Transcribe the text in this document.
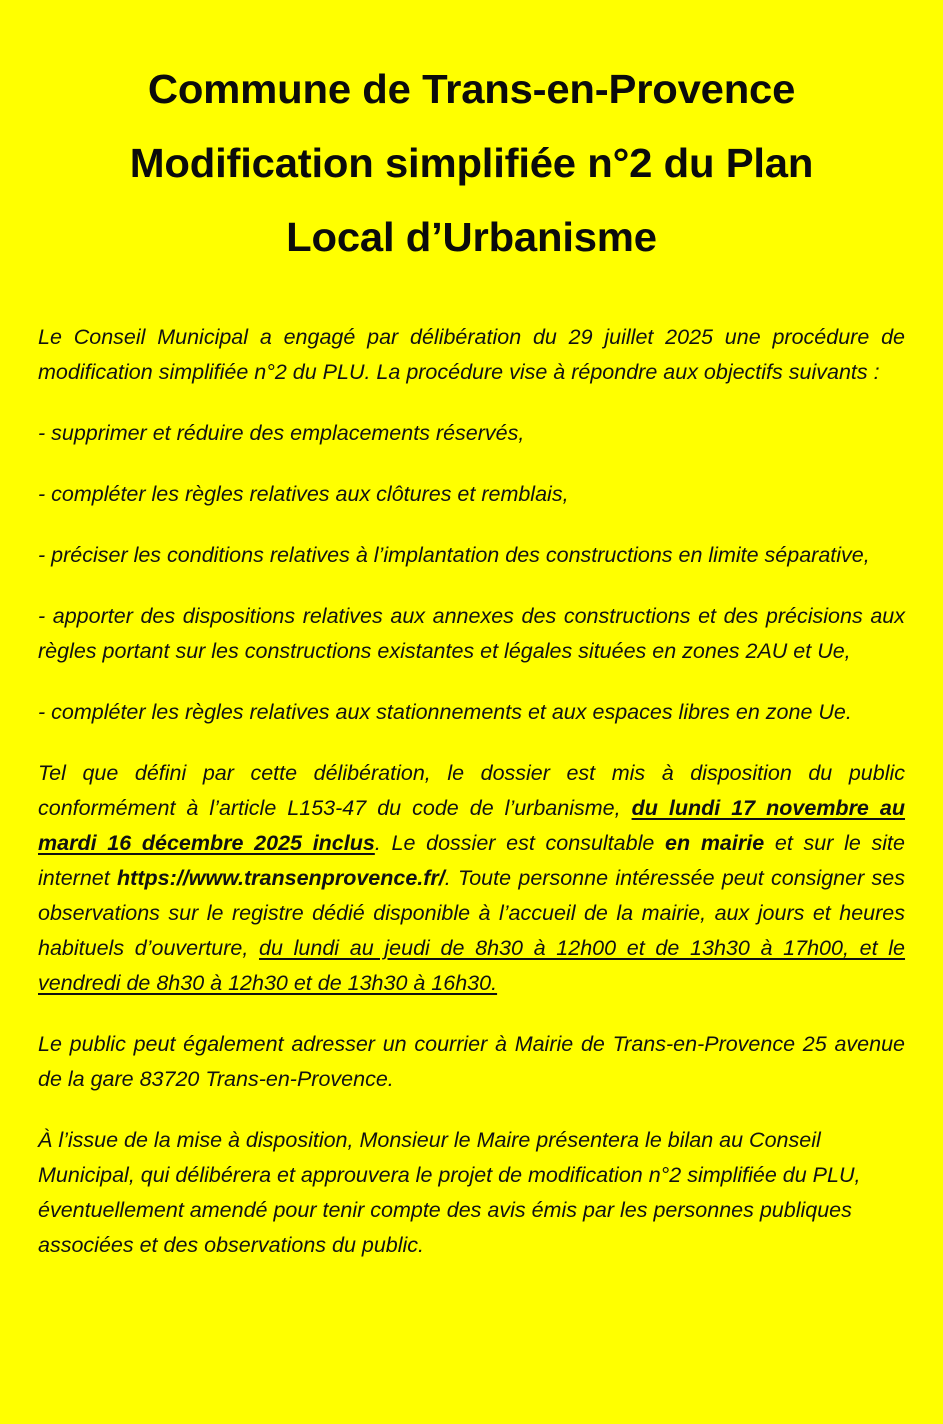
Commune de Trans-en-Provence
Modification simplifiée n°2 du Plan
Local d’Urbanisme

Le Conseil Municipal a engagé par délibération du 29 juillet 2025 une procédure de modification simplifiée n°2 du PLU. La procédure vise à répondre aux objectifs suivants :

- supprimer et réduire des emplacements réservés,

- compléter les règles relatives aux clôtures et remblais,

- préciser les conditions relatives à l’implantation des constructions en limite séparative,

- apporter des dispositions relatives aux annexes des constructions et des précisions aux règles portant sur les constructions existantes et légales situées en zones 2AU et Ue,

- compléter les règles relatives aux stationnements et aux espaces libres en zone Ue.

Tel que défini par cette délibération, le dossier est mis à disposition du public conformément à l’article L153-47 du code de l’urbanisme, du lundi 17 novembre au mardi 16 décembre 2025 inclus. Le dossier est consultable en mairie et sur le site internet https://www.transenprovence.fr/. Toute personne intéressée peut consigner ses observations sur le registre dédié disponible à l’accueil de la mairie, aux jours et heures habituels d’ouverture, du lundi au jeudi de 8h30 à 12h00 et de 13h30 à 17h00, et le vendredi de 8h30 à 12h30 et de 13h30 à 16h30.

Le public peut également adresser un courrier à Mairie de Trans-en-Provence 25 avenue de la gare 83720 Trans-en-Provence.

À l’issue de la mise à disposition, Monsieur le Maire présentera le bilan au Conseil Municipal, qui délibérera et approuvera le projet de modification n°2 simplifiée du PLU, éventuellement amendé pour tenir compte des avis émis par les personnes publiques associées et des observations du public.
